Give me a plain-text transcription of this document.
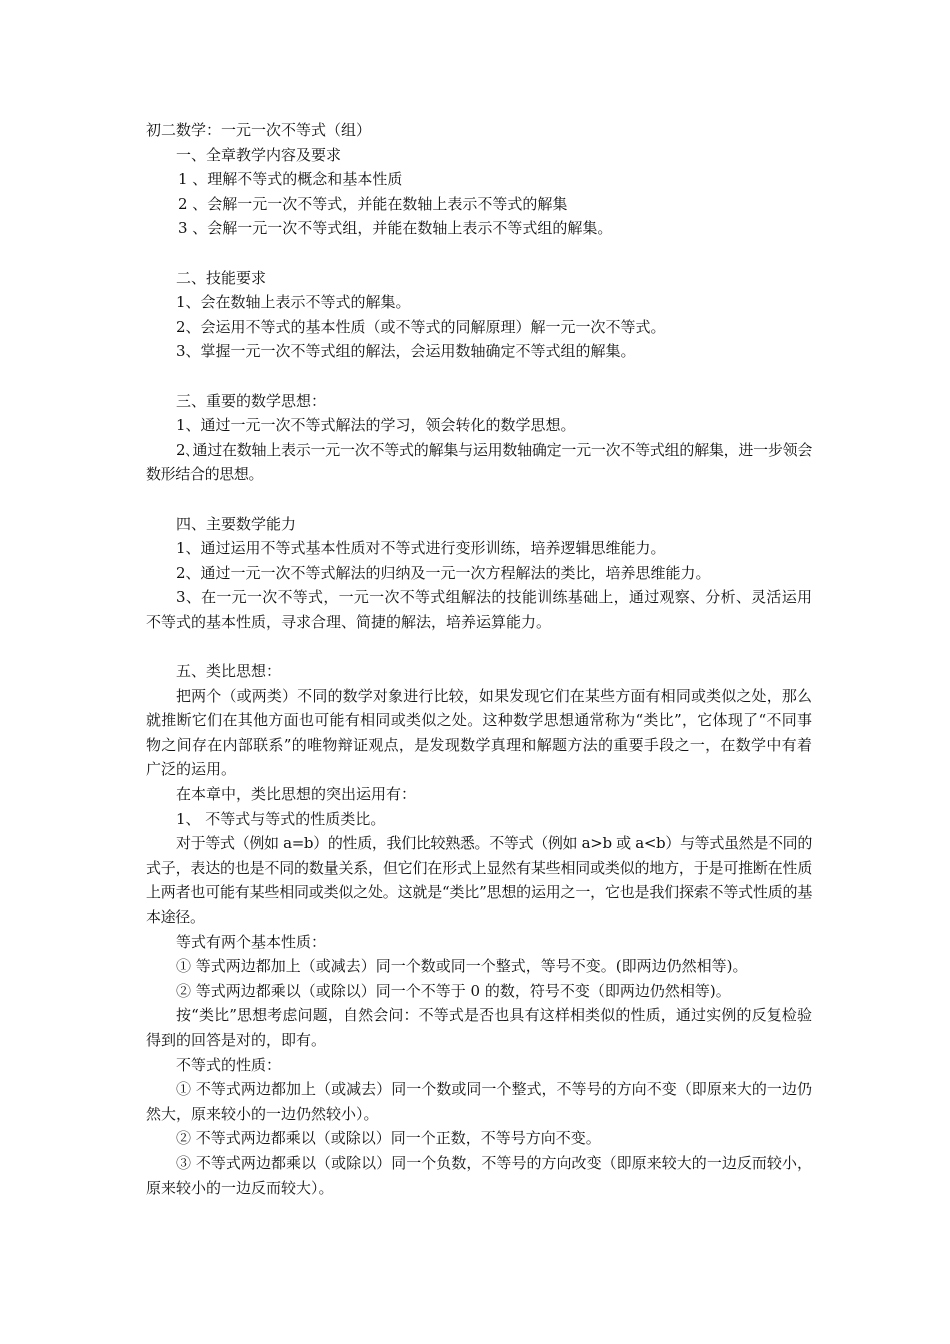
初二数学：一元一次不等式（组）
一、全章教学内容及要求
1 、理解不等式的概念和基本性质
2 、会解一元一次不等式，并能在数轴上表示不等式的解集
3 、会解一元一次不等式组，并能在数轴上表示不等式组的解集。
二、技能要求
1、会在数轴上表示不等式的解集。
2、会运用不等式的基本性质（或不等式的同解原理）解一元一次不等式。
3、掌握一元一次不等式组的解法，会运用数轴确定不等式组的解集。
三、重要的数学思想：
1、通过一元一次不等式解法的学习，领会转化的数学思想。
2､通过在数轴上表示一元一次不等式的解集与运用数轴确定一元一次不等式组的解集，进一步领会数形结合的思想。
四、主要数学能力
1、通过运用不等式基本性质对不等式进行变形训练，培养逻辑思维能力。
2、通过一元一次不等式解法的归纳及一元一次方程解法的类比，培养思维能力。
3、在一元一次不等式，一元一次不等式组解法的技能训练基础上，通过观察、分析、灵活运用不等式的基本性质，寻求合理、简捷的解法，培养运算能力。
五、类比思想：
把两个（或两类）不同的数学对象进行比较，如果发现它们在某些方面有相同或类似之处，那么就推断它们在其他方面也可能有相同或类似之处。这种数学思想通常称为“类比”，它体现了“不同事物之间存在内部联系”的唯物辩证观点，是发现数学真理和解题方法的重要手段之一，在数学中有着广泛的运用。
在本章中，类比思想的突出运用有：
1、 不等式与等式的性质类比。
对于等式（例如 a=b）的性质，我们比较熟悉。不等式（例如 a>b 或 a<b）与等式虽然是不同的式子，表达的也是不同的数量关系，但它们在形式上显然有某些相同或类似的地方，于是可推断在性质上两者也可能有某些相同或类似之处。这就是“类比”思想的运用之一，它也是我们探索不等式性质的基本途径。
等式有两个基本性质：
① 等式两边都加上（或减去）同一个数或同一个整式，等号不变。(即两边仍然相等)。
② 等式两边都乘以（或除以）同一个不等于 0 的数，符号不变（即两边仍然相等)。
按“类比”思想考虑问题，自然会问：不等式是否也具有这样相类似的性质，通过实例的反复检验得到的回答是对的，即有。
不等式的性质：
① 不等式两边都加上（或减去）同一个数或同一个整式，不等号的方向不变（即原来大的一边仍然大，原来较小的一边仍然较小）。
② 不等式两边都乘以（或除以）同一个正数，不等号方向不变。
③ 不等式两边都乘以（或除以）同一个负数，不等号的方向改变（即原来较大的一边反而较小，原来较小的一边反而较大）。
